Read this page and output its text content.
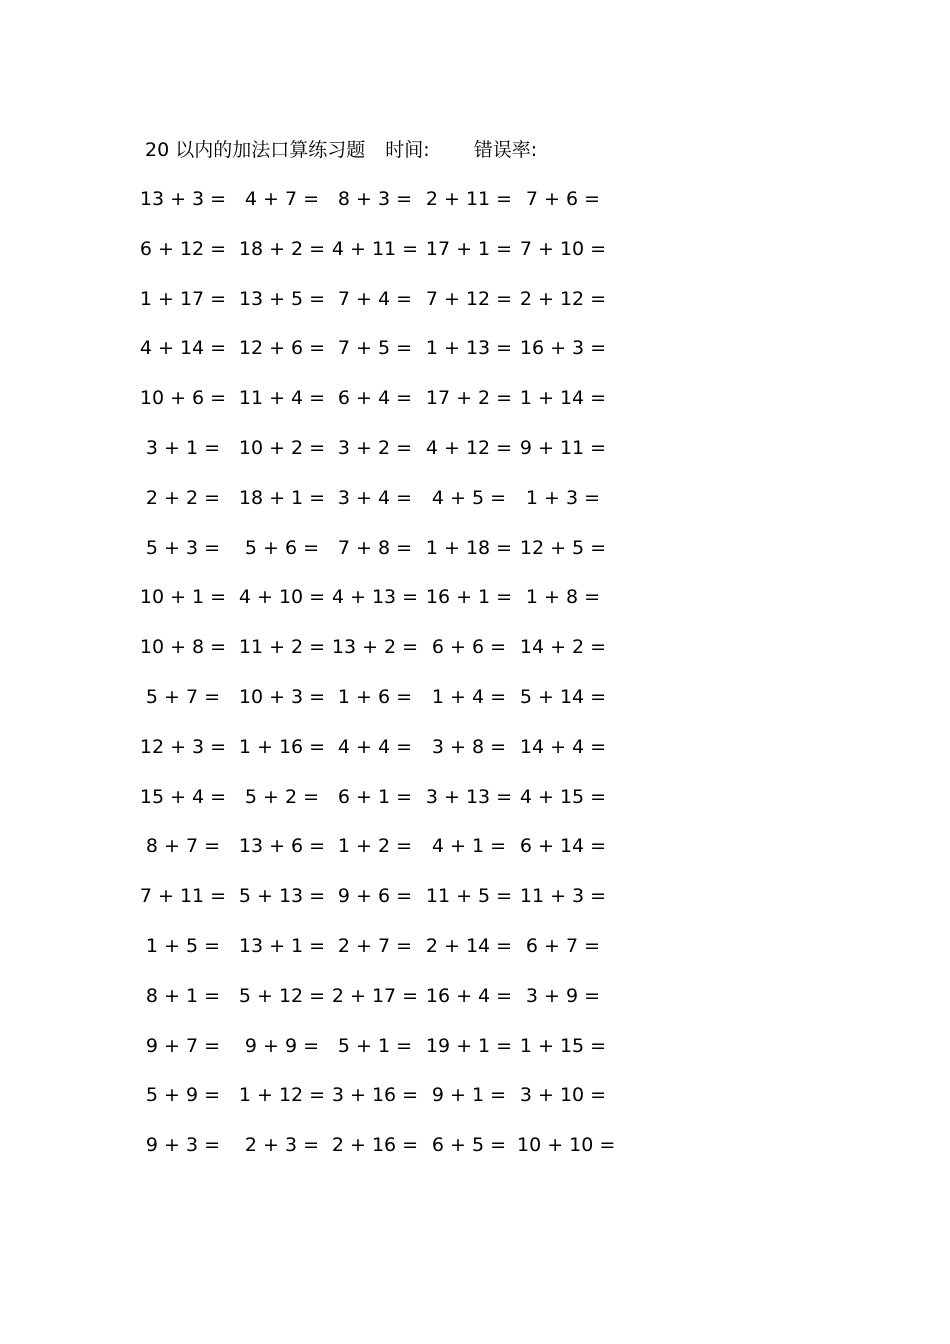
20 以内的加法口算练习题 时间: 错误率:
13 + 3 = 4 + 7 = 8 + 3 = 2 + 11 = 7 + 6 =
6 + 12 = 18 + 2 = 4 + 11 = 17 + 1 = 7 + 10 =
1 + 17 = 13 + 5 = 7 + 4 = 7 + 12 = 2 + 12 =
4 + 14 = 12 + 6 = 7 + 5 = 1 + 13 = 16 + 3 =
10 + 6 = 11 + 4 = 6 + 4 = 17 + 2 = 1 + 14 =
3 + 1 = 10 + 2 = 3 + 2 = 4 + 12 = 9 + 11 =
2 + 2 = 18 + 1 = 3 + 4 =	4 + 5 =	1 + 3 =
5 + 3 =	5 + 6 = 7 + 8 = 1 + 18 = 12 + 5 =
10 + 1 = 4 + 10 = 4 + 13 = 16 + 1 = 1 + 8 =
10 + 8 = 11 + 2 = 13 + 2 = 6 + 6 = 14 + 2 =
5 + 7 = 10 + 3 = 1 + 6 =	1 + 4 = 5 + 14 =
12 + 3 = 1 + 16 = 4 + 4 =	3 + 8 = 14 + 4 =
15 + 4 = 5 + 2 = 6 + 1 = 3 + 13 = 4 + 15 =
8 + 7 = 13 + 6 = 1 + 2 =	4 + 1 = 6 + 14 =
7 + 11 = 5 + 13 = 9 + 6 = 11 + 5 = 11 + 3 =
1 + 5 = 13 + 1 = 2 + 7 = 2 + 14 = 6 + 7 =
8 + 1 = 5 + 12 = 2 + 17 = 16 + 4 = 3 + 9 =
9 + 7 =	9 + 9 = 5 + 1 = 19 + 1 = 1 + 15 =
5 + 9 = 1 + 12 = 3 + 16 = 9 + 1 = 3 + 10 =
9 + 3 =	2 + 3 = 2 + 16 = 6 + 5 = 10 + 10 =
